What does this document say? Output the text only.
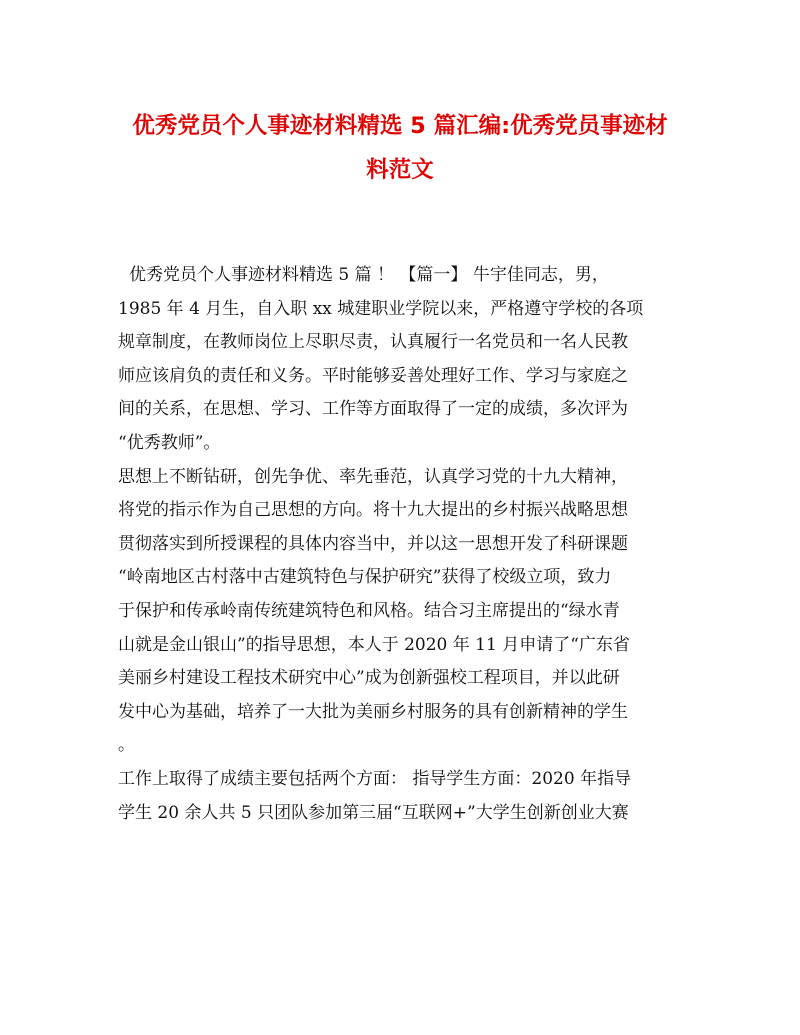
优秀党员个人事迹材料精选 5 篇汇编:优秀党员事迹材
料范文
优秀党员个人事迹材料精选 5 篇 ！ 【篇一】 牛宇佳同志，男，
1985 年 4 月生，自入职 xx 城建职业学院以来，严格遵守学校的各项
规章制度，在教师岗位上尽职尽责，认真履行一名党员和一名人民教
师应该肩负的责任和义务。平时能够妥善处理好工作、学习与家庭之
间的关系，在思想、学习、工作等方面取得了一定的成绩，多次评为
“优秀教师”。
思想上不断钻研，创先争优、率先垂范，认真学习党的十九大精神，
将党的指示作为自己思想的方向。将十九大提出的乡村振兴战略思想
贯彻落实到所授课程的具体内容当中，并以这一思想开发了科研课题
“岭南地区古村落中古建筑特色与保护研究”获得了校级立项，致力
于保护和传承岭南传统建筑特色和风格。结合习主席提出的“绿水青
山就是金山银山”的指导思想，本人于 2020 年 11 月申请了“广东省
美丽乡村建设工程技术研究中心”成为创新强校工程项目，并以此研
发中心为基础，培养了一大批为美丽乡村服务的具有创新精神的学生
。
工作上取得了成绩主要包括两个方面： 指导学生方面：2020 年指导
学生 20 余人共 5 只团队参加第三届“互联网+”大学生创新创业大赛
